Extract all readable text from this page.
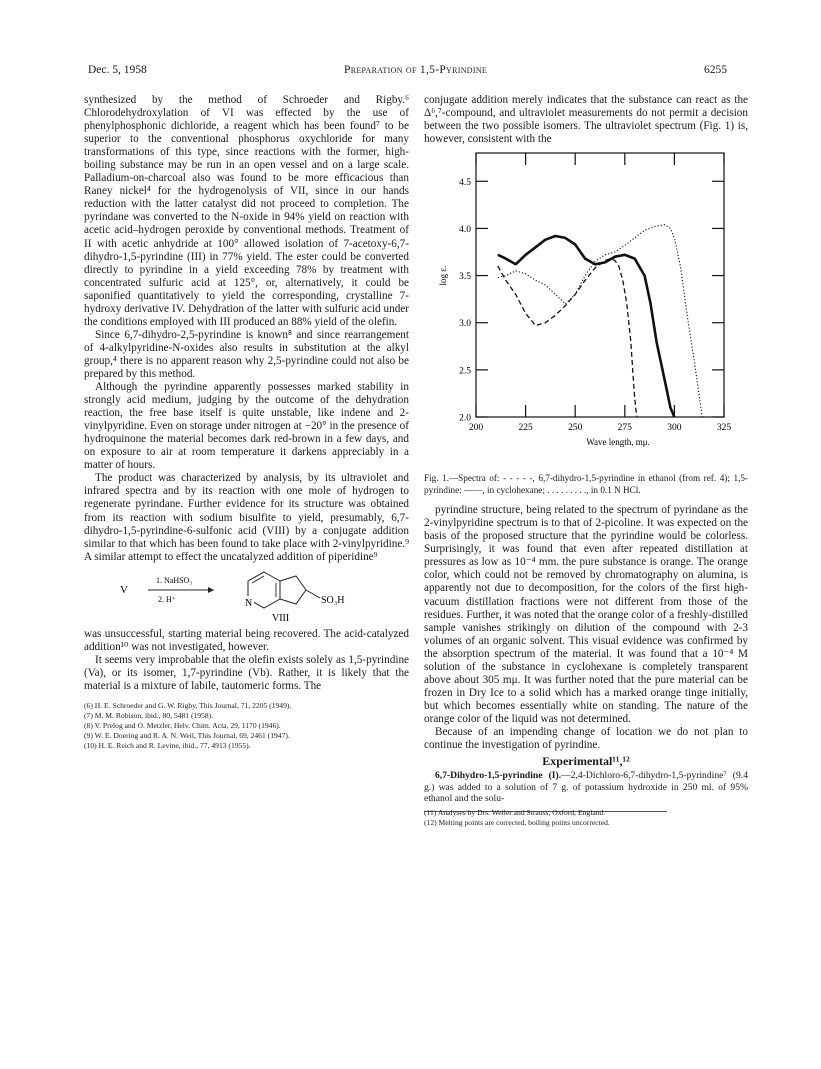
Dec. 5, 1958	Preparation of 1,5-Pyrindine	6255

synthesized by the method of Schroeder and Rigby.⁶ Chlorodehydroxylation of VI was effected by the use of phenylphosphonic dichloride, a reagent which has been found⁷ to be superior to the conventional phosphorus oxychloride for many transformations of this type, since reactions with the former, high-boiling substance may be run in an open vessel and on a large scale. Palladium-on-charcoal also was found to be more efficacious than Raney nickel⁴ for the hydrogenolysis of VII, since in our hands reduction with the latter catalyst did not proceed to completion. The pyrindane was converted to the N-oxide in 94% yield on reaction with acetic acid–hydrogen peroxide by conventional methods. Treatment of II with acetic anhydride at 100° allowed isolation of 7-acetoxy-6,7-dihydro-1,5-pyrindine (III) in 77% yield. The ester could be converted directly to pyrindine in a yield exceeding 78% by treatment with concentrated sulfuric acid at 125°, or, alternatively, it could be saponified quantitatively to yield the corresponding, crystalline 7-hydroxy derivative IV. Dehydration of the latter with sulfuric acid under the conditions employed with III produced an 88% yield of the olefin.

Since 6,7-dihydro-2,5-pyrindine is known⁸ and since rearrangement of 4-alkylpyridine-N-oxides also results in substitution at the alkyl group,⁴ there is no apparent reason why 2,5-pyrindine could not also be prepared by this method.

Although the pyrindine apparently possesses marked stability in strongly acid medium, judging by the outcome of the dehydration reaction, the free base itself is quite unstable, like indene and 2-vinylpyridine. Even on storage under nitrogen at −20° in the presence of hydroquinone the material becomes dark red-brown in a few days, and on exposure to air at room temperature it darkens appreciably in a matter of hours.

The product was characterized by analysis, by its ultraviolet and infrared spectra and by its reaction with one mole of hydrogen to regenerate pyrindane. Further evidence for its structure was obtained from its reaction with sodium bisulfite to yield, presumably, 6,7-dihydro-1,5-pyrindine-6-sulfonic acid (VIII) by a conjugate addition similar to that which has been found to take place with 2-vinylpyridine.⁹ A similar attempt to effect the uncatalyzed addition of piperidine⁹

V
1. NaHSO₃
2. H⁺	N	SO₃H
VIII

was unsuccessful, starting material being recovered. The acid-catalyzed addition¹⁰ was not investigated, however.

It seems very improbable that the olefin exists solely as 1,5-pyrindine (Va), or its isomer, 1,7-pyrindine (Vb). Rather, it is likely that the material is a mixture of labile, tautomeric forms. The

(6) H. E. Schroeder and G. W. Rigby, This Journal, 71, 2205 (1949).
(7) M. M. Robison, ibid., 80, 5481 (1958).
(8) V. Prelog and O. Metzler, Helv. Chim. Acta, 29, 1170 (1946).
(9) W. E. Doering and R. A. N. Weil, This Journal, 69, 2461 (1947).
(10) H. E. Reich and R. Levine, ibid., 77, 4913 (1955).

conjugate addition merely indicates that the substance can react as the Δ⁶,⁷-compound, and ultraviolet measurements do not permit a decision between the two possible isomers. The ultraviolet spectrum (Fig. 1) is, however, consistent with the

200	225	250	275	300	325
2.0
2.5
3.0
3.5
4.0
4.5
log ε.
Wave length, mμ.

Fig. 1.—Spectra of: - - - - -, 6,7-dihydro-1,5-pyrindine in ethanol (from ref. 4); 1,5-pyrindine: ——, in cyclohexane; . . . . . . . . ., in 0.1 N HCl.

pyrindine structure, being related to the spectrum of pyrindane as the 2-vinylpyridine spectrum is to that of 2-picoline. It was expected on the basis of the proposed structure that the pyrindine would be colorless. Surprisingly, it was found that even after repeated distillation at pressures as low as 10⁻⁴ mm. the pure substance is orange. The orange color, which could not be removed by chromatography on alumina, is apparently not due to decomposition, for the colors of the first high-vacuum distillation fractions were not different from those of the residues. Further, it was noted that the orange color of a freshly-distilled sample vanishes strikingly on dilution of the compound with 2-3 volumes of an organic solvent. This visual evidence was confirmed by the absorption spectrum of the material. It was found that a 10⁻⁴ M solution of the substance in cyclohexane is completely transparent above about 305 mμ. It was further noted that the pure material can be frozen in Dry Ice to a solid which has a marked orange tinge initially, but which becomes essentially white on standing. The nature of the orange color of the liquid was not determined.

Because of an impending change of location we do not plan to continue the investigation of pyrindine.

Experimental¹¹,¹²

6,7-Dihydro-1,5-pyrindine (I).—2,4-Dichloro-6,7-dihydro-1,5-pyrindine⁷ (9.4 g.) was added to a solution of 7 g. of potassium hydroxide in 250 ml. of 95% ethanol and the solu-

(11) Analyses by Drs. Weiler and Strauss, Oxford, England.
(12) Melting points are corrected, boiling points uncorrected.
